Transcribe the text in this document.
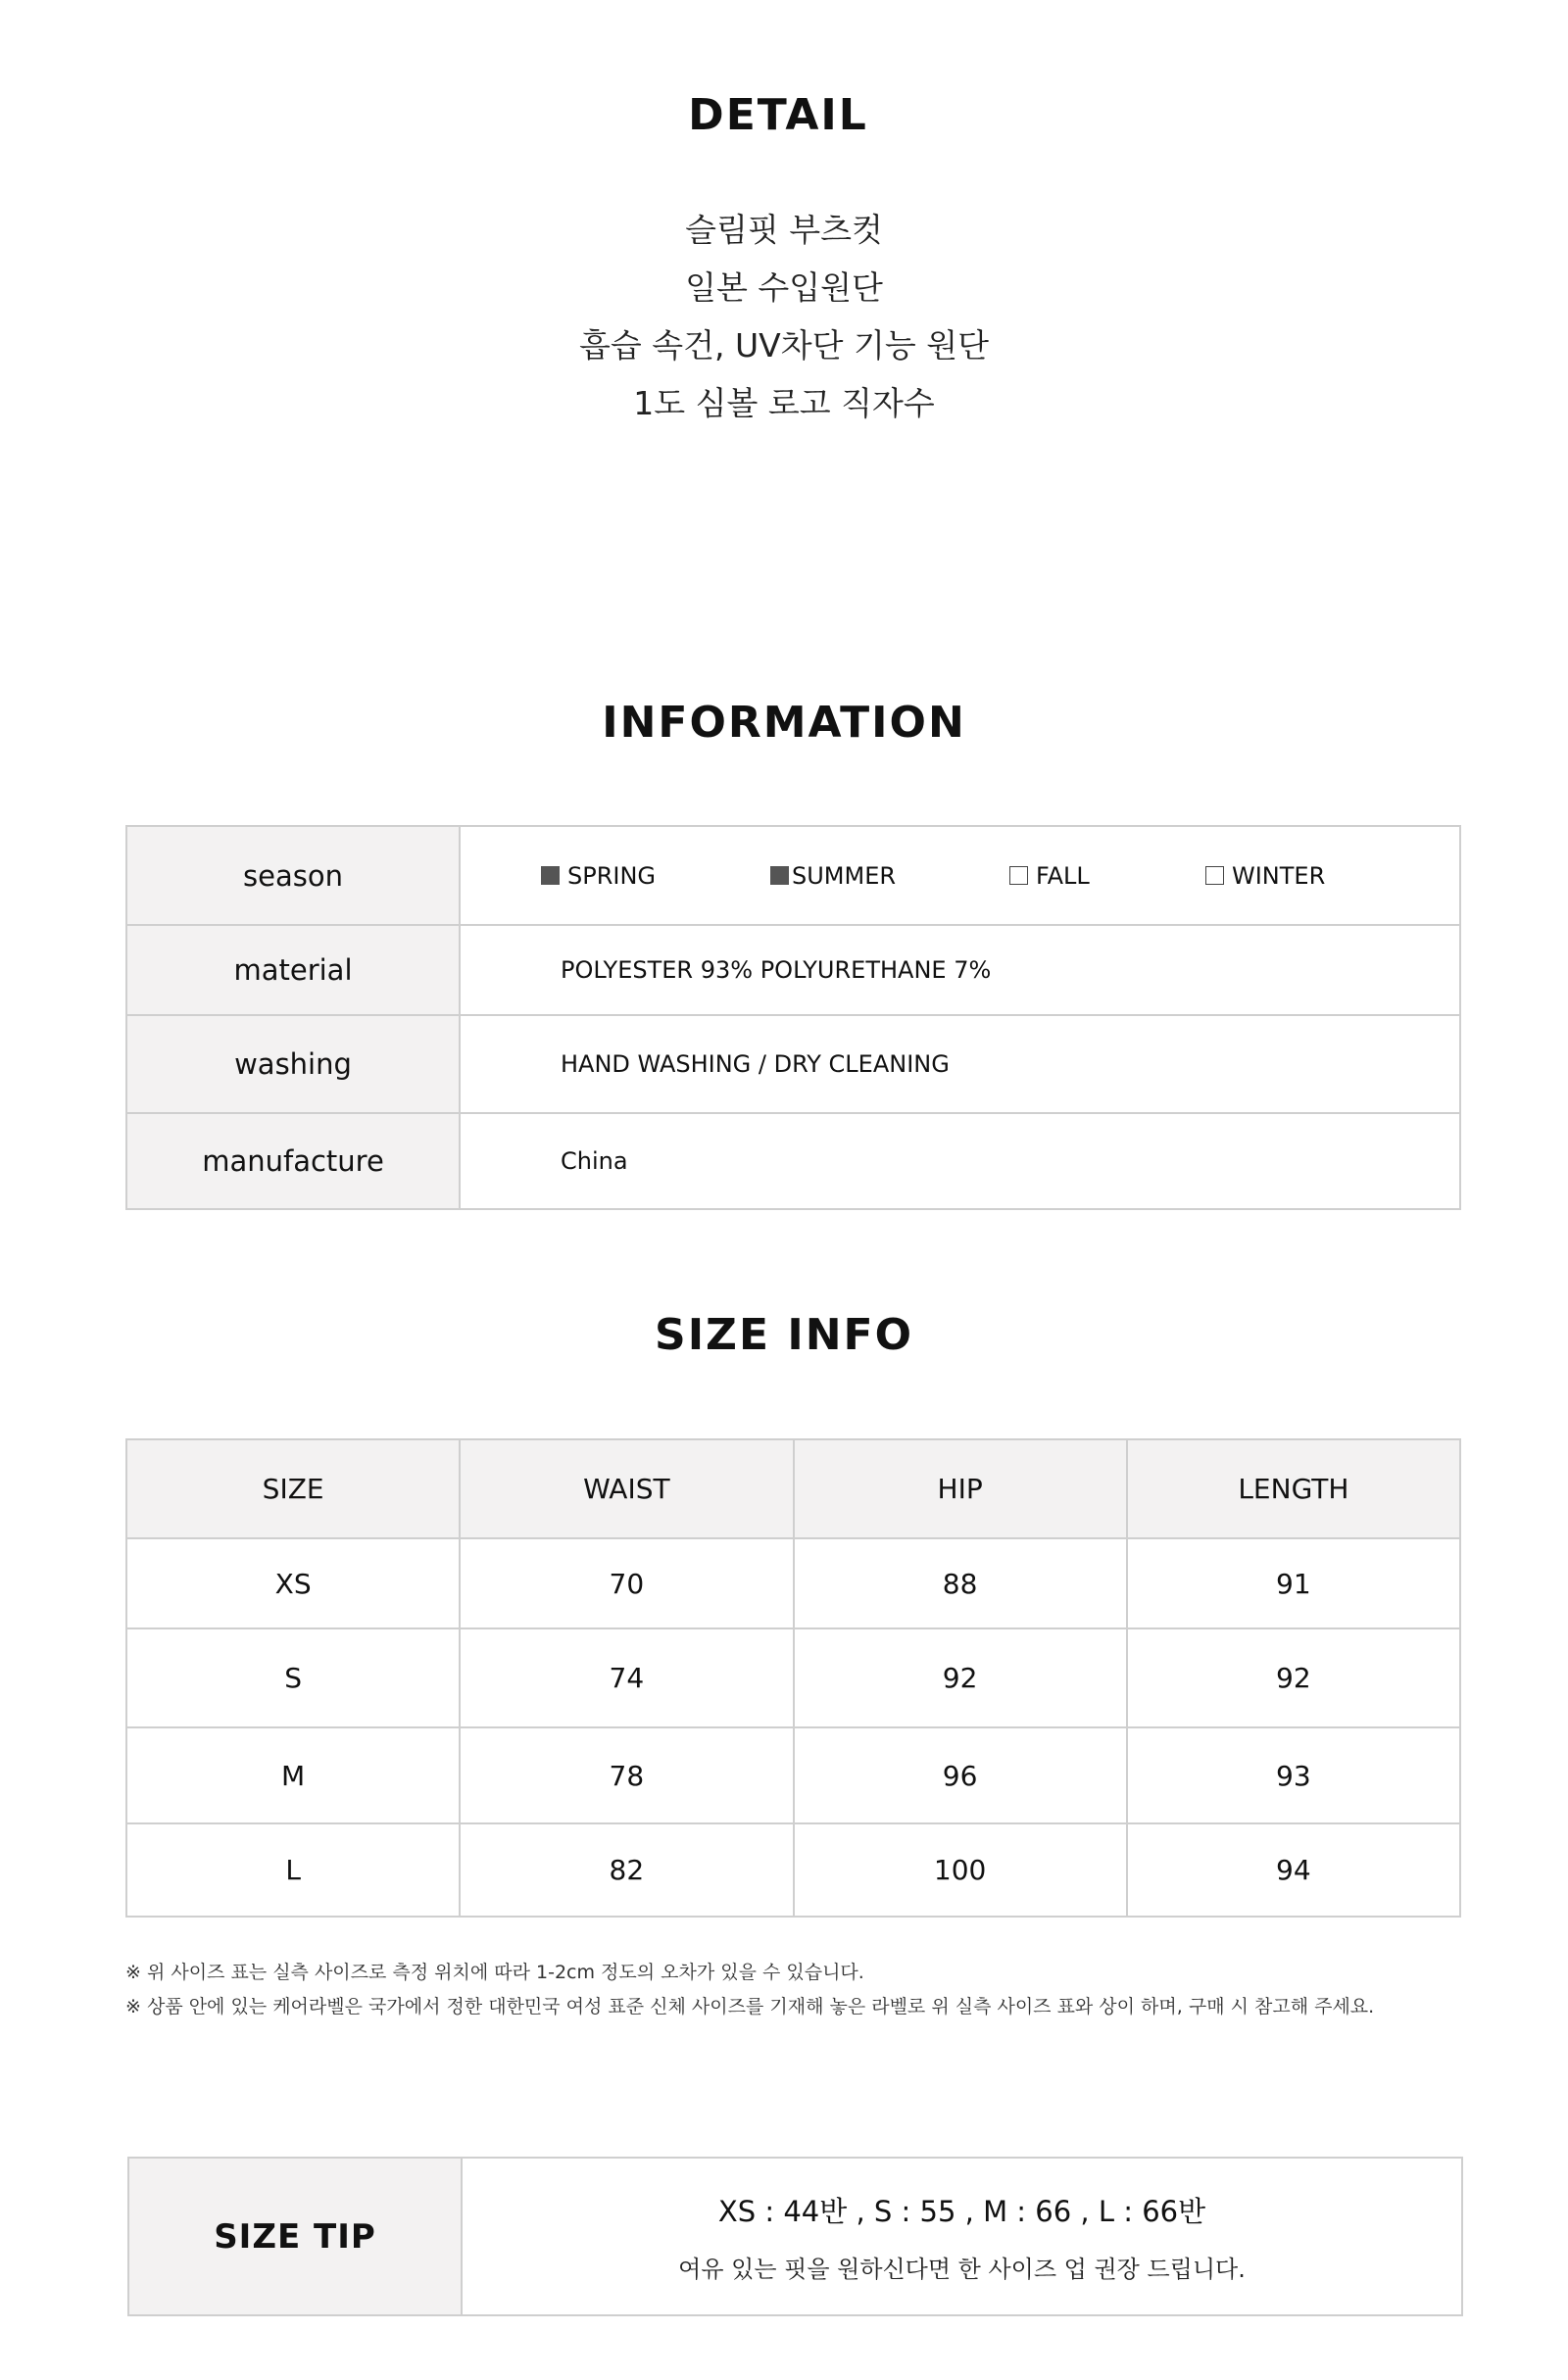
DETAIL
슬림핏 부츠컷
일본 수입원단
흡습 속건, UV차단 기능 원단
1도 심볼 로고 직자수
INFORMATION
season	SPRING SUMMER FALL WINTER

material	POLYESTER 93% POLYURETHANE 7%
washing	HAND WASHING / DRY CLEANING
manufacture	China
SIZE INFO
SIZE	WAIST	HIP	LENGTH
XS	70	88	91
S	74	92	92
M	78	96	93
L	82	100	94
※ 위 사이즈 표는 실측 사이즈로 측정 위치에 따라 1-2cm 정도의 오차가 있을 수 있습니다.
※ 상품 안에 있는 케어라벨은 국가에서 정한 대한민국 여성 표준 신체 사이즈를 기재해 놓은 라벨로 위 실측 사이즈 표와 상이 하며, 구매 시 참고해 주세요.
SIZE TIP	
XS : 44반 , S : 55 , M : 66 , L : 66반
여유 있는 핏을 원하신다면 한 사이즈 업 권장 드립니다.
